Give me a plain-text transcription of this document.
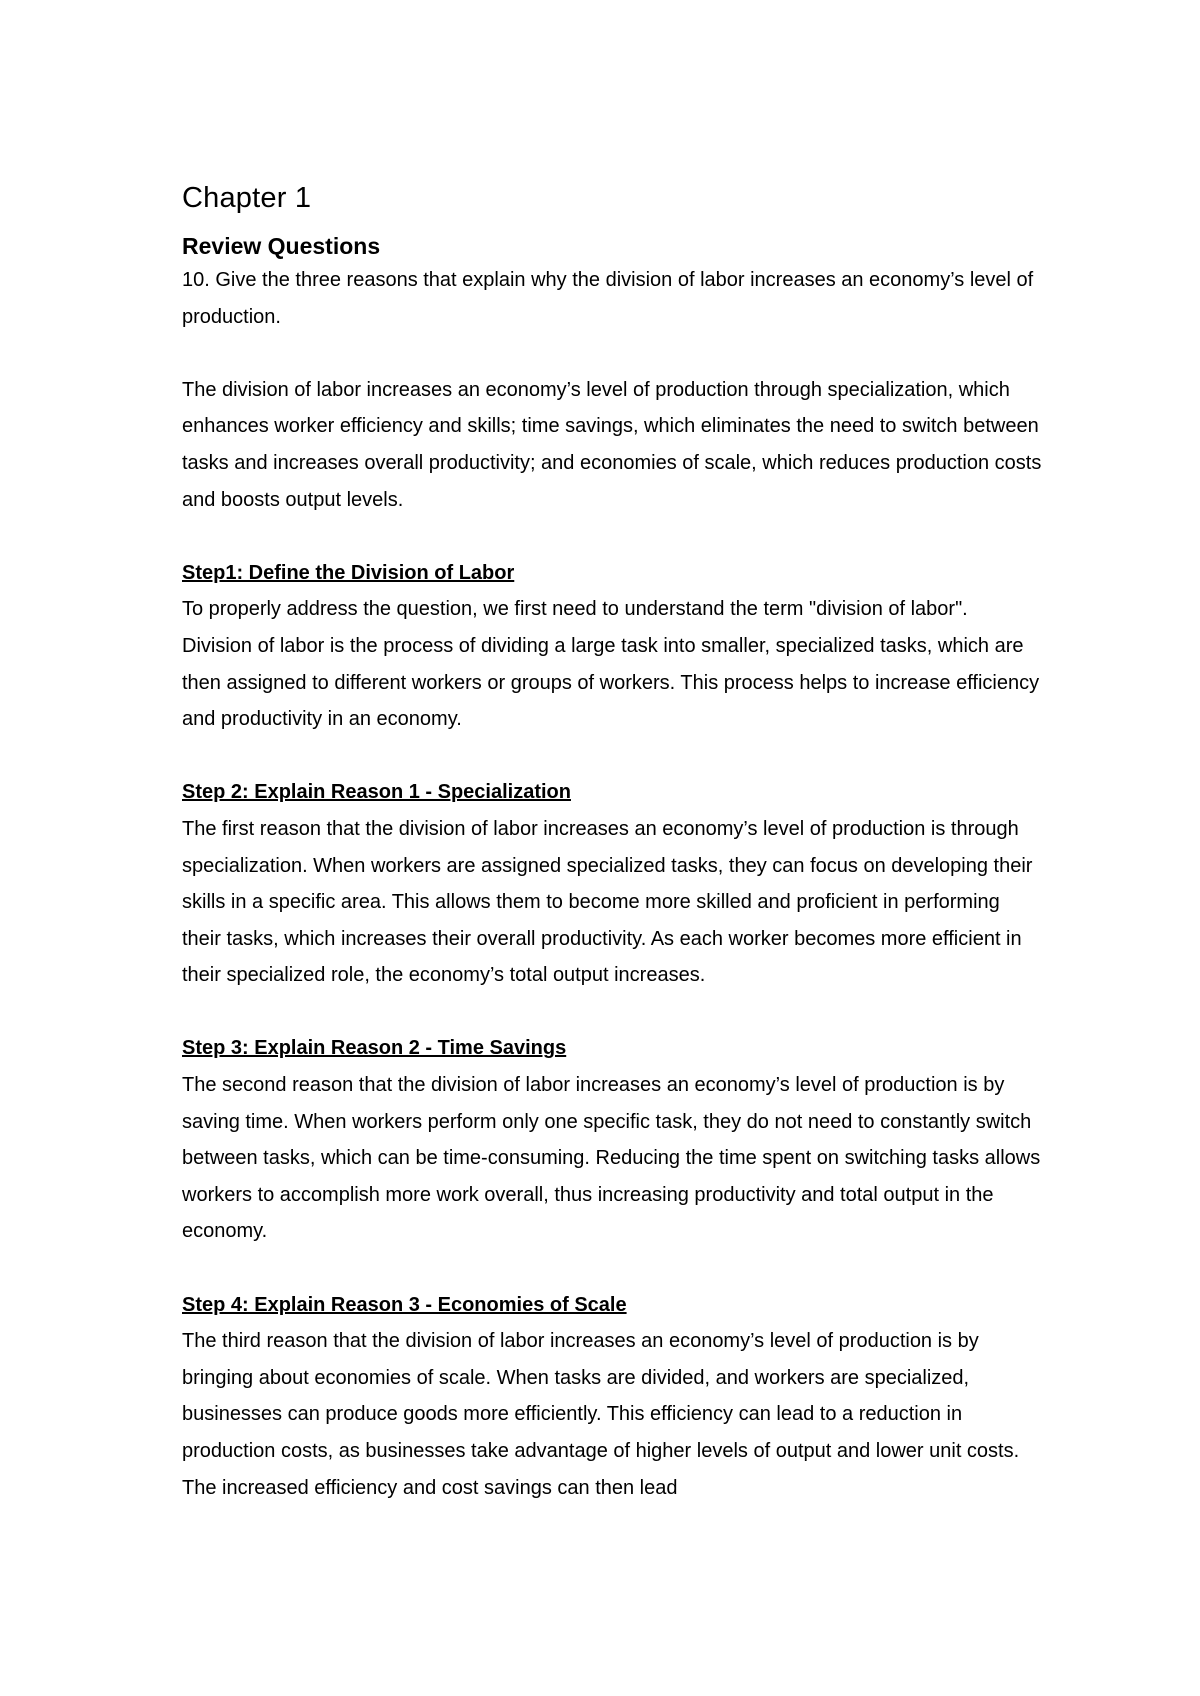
Chapter 1
Review Questions

10. Give the three reasons that explain why the division of labor increases an economy’s level of production.

The division of labor increases an economy’s level of production through specialization, which enhances worker efficiency and skills; time savings, which eliminates the need to switch between tasks and increases overall productivity; and economies of scale, which reduces production costs and boosts output levels.

Step1: Define the Division of Labor

To properly address the question, we first need to understand the term "division of labor". Division of labor is the process of dividing a large task into smaller, specialized tasks, which are then assigned to different workers or groups of workers. This process helps to increase efficiency and productivity in an economy.

Step 2: Explain Reason 1 - Specialization

The first reason that the division of labor increases an economy’s level of production is through specialization. When workers are assigned specialized tasks, they can focus on developing their skills in a specific area. This allows them to become more skilled and proficient in performing their tasks, which increases their overall productivity. As each worker becomes more efficient in their specialized role, the economy’s total output increases.

Step 3: Explain Reason 2 - Time Savings

The second reason that the division of labor increases an economy’s level of production is by saving time. When workers perform only one specific task, they do not need to constantly switch between tasks, which can be time-consuming. Reducing the time spent on switching tasks allows workers to accomplish more work overall, thus increasing productivity and total output in the economy.

Step 4: Explain Reason 3 - Economies of Scale

The third reason that the division of labor increases an economy’s level of production is by bringing about economies of scale. When tasks are divided, and workers are specialized, businesses can produce goods more efficiently. This efficiency can lead to a reduction in production costs, as businesses take advantage of higher levels of output and lower unit costs. The increased efficiency and cost savings can then lead
